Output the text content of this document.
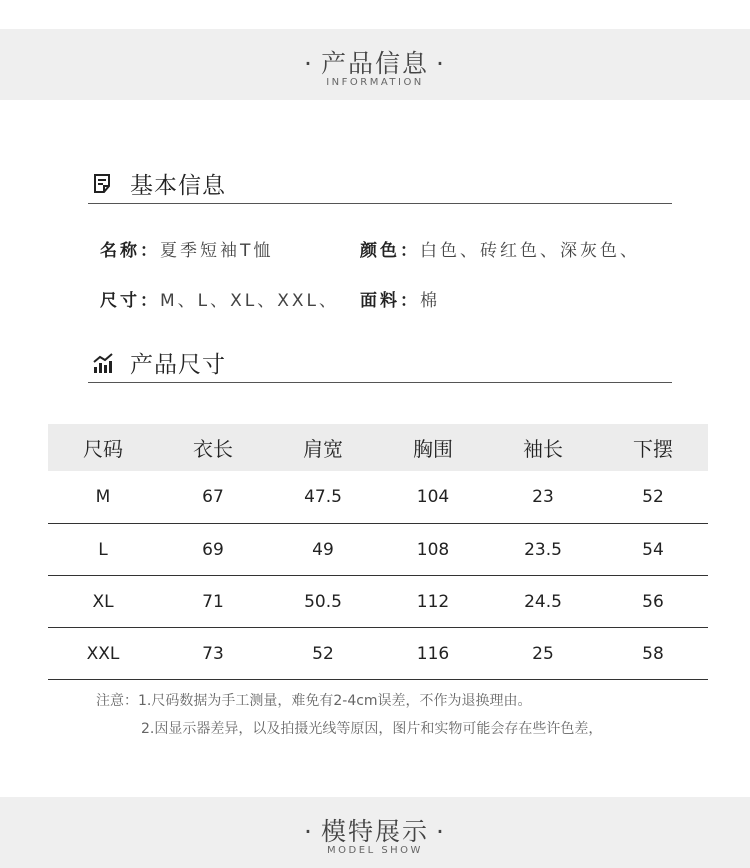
· 产品信息 ·
INFORMATION
基本信息
名称：夏季短袖T恤	颜色：白色、砖红色、深灰色、
尺寸：M、L、XL、XXL、 面料：棉
产品尺寸
尺码	衣长	肩宽	胸围	袖长	下摆
M	67	47.5	104	23	52
L	69	49	108	23.5	54
XL	71	50.5	112	24.5	56
XXL	73	52	116	25	58
注意：1.尺码数据为手工测量，难免有2-4cm误差，不作为退换理由。
2.因显示器差异，以及拍摄光线等原因，图片和实物可能会存在些许色差，
· 模特展示 ·
MODEL SHOW
